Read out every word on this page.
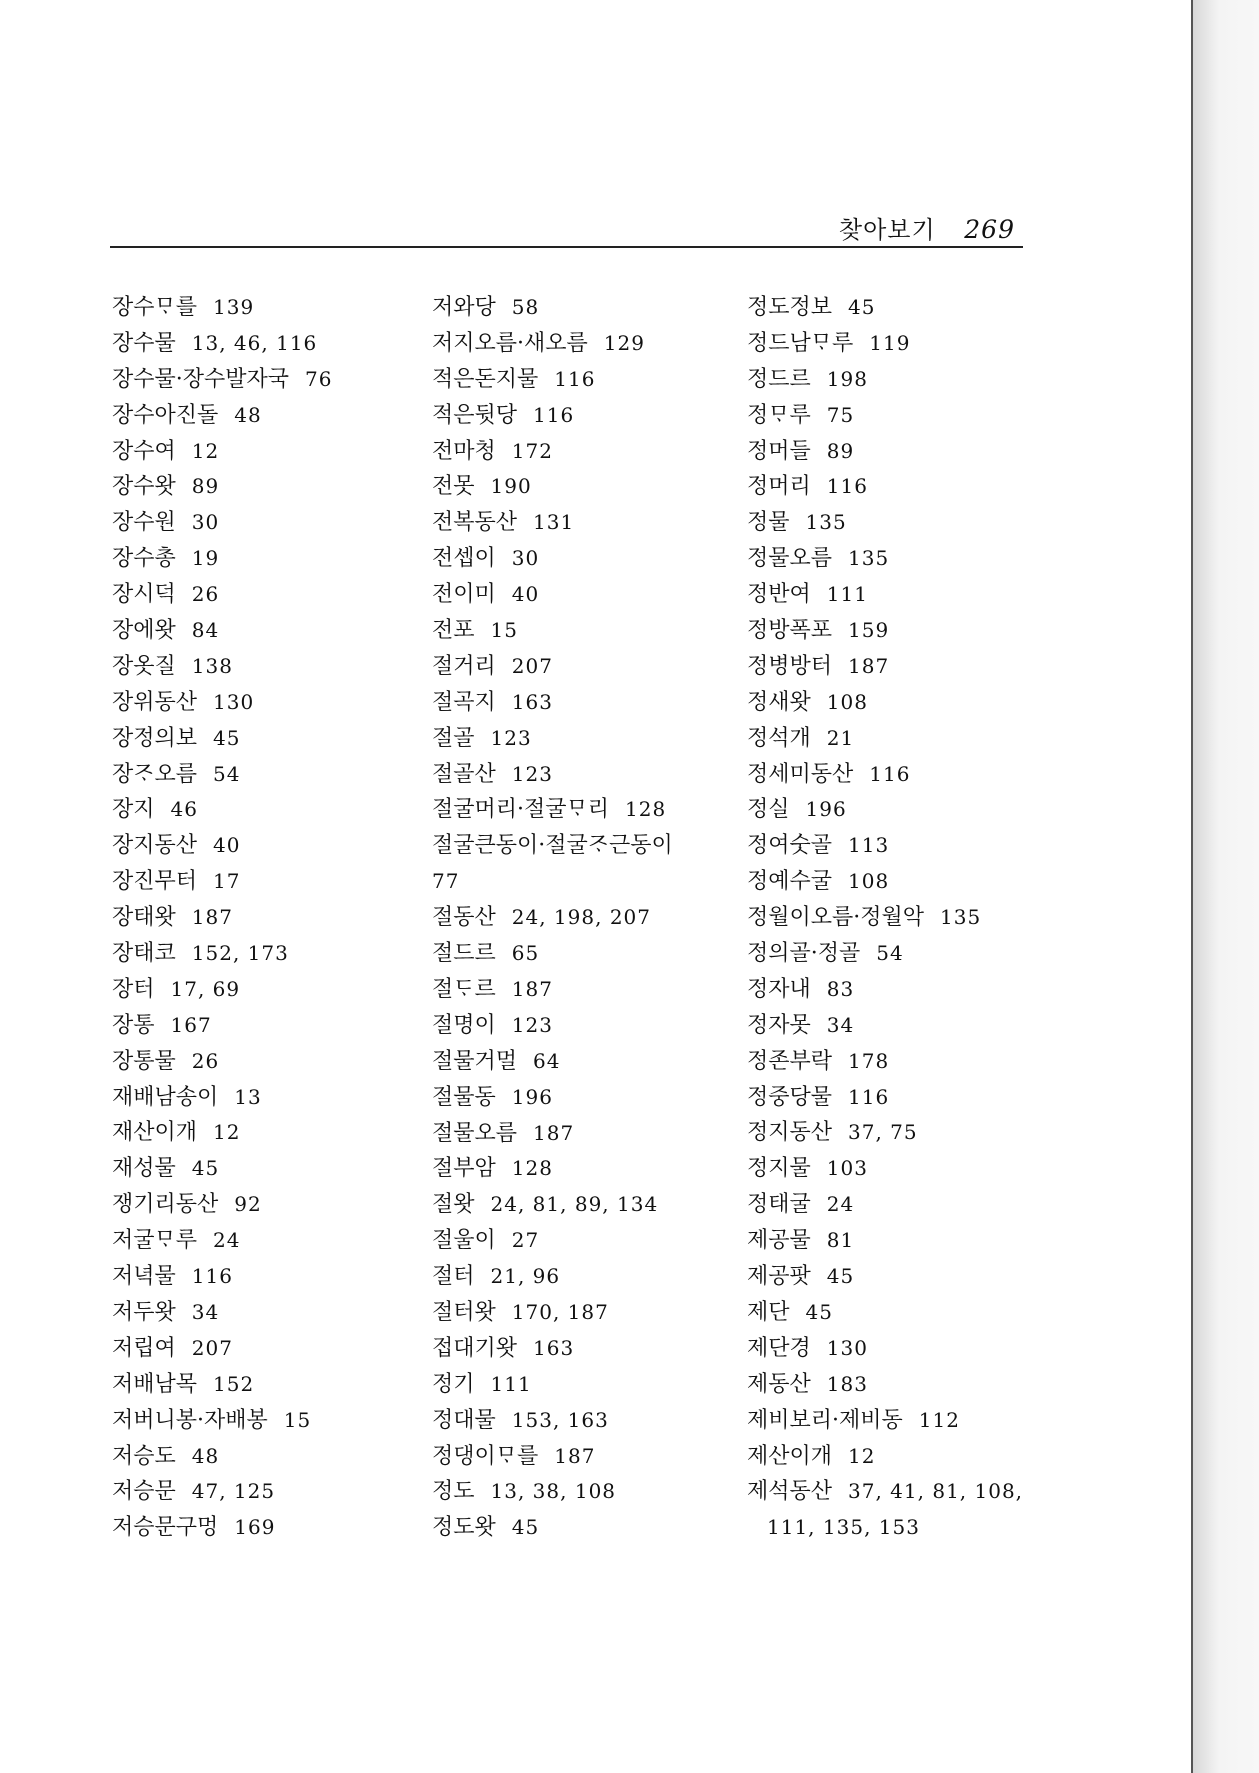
찾아보기 269
장수ᄆᆞ를 139
장수물 13, 46, 116
장수물·장수발자국 76
장수아진돌 48
장수여 12
장수왓 89
장수원 30
장수총 19
장시덕 26
장에왓 84
장옷질 138
장위동산 130
장정의보 45
장ᄌᆞ오름 54
장지 46
장지동산 40
장진무터 17
장태왓 187
장태코 152, 173
장터 17, 69
장통 167
장통물 26
재배남송이 13
재산이개 12
재성물 45
쟁기리동산 92
저굴ᄆᆞ루 24
저녁물 116
저두왓 34
저립여 207
저배남목 152
저버니봉·자배봉 15
저승도 48
저승문 47, 125
저승문구멍 169
저와당 58
저지오름·새오름 129
적은돈지물 116
적은뒷당 116
전마청 172
전못 190
전복동산 131
전셉이 30
전이미 40
전포 15
절거리 207
절곡지 163
절골 123
절골산 123
절굴머리·절굴ᄆᆞ리 128
절굴큰동이·절굴ᄌᆞ근동이
77
절동산 24, 198, 207
절드르 65
절ᄃᆞ르 187
절명이 123
절물거멀 64
절물동 196
절물오름 187
절부암 128
절왓 24, 81, 89, 134
절울이 27
절터 21, 96
절터왓 170, 187
접대기왓 163
정기 111
정대물 153, 163
정댕이ᄆᆞ를 187
정도 13, 38, 108
정도왓 45
정도정보 45
정드남ᄆᆞ루 119
정드르 198
정ᄆᆞ루 75
정머들 89
정머리 116
정물 135
정물오름 135
정반여 111
정방폭포 159
정병방터 187
정새왓 108
정석개 21
정세미동산 116
정실 196
정여숫골 113
정예수굴 108
정월이오름·정월악 135
정의골·정골 54
정자내 83
정자못 34
정존부락 178
정중당물 116
정지동산 37, 75
정지물 103
정태굴 24
제공물 81
제공팟 45
제단 45
제단경 130
제동산 183
제비보리·제비동 112
제산이개 12
제석동산 37, 41, 81, 108,
111, 135, 153
